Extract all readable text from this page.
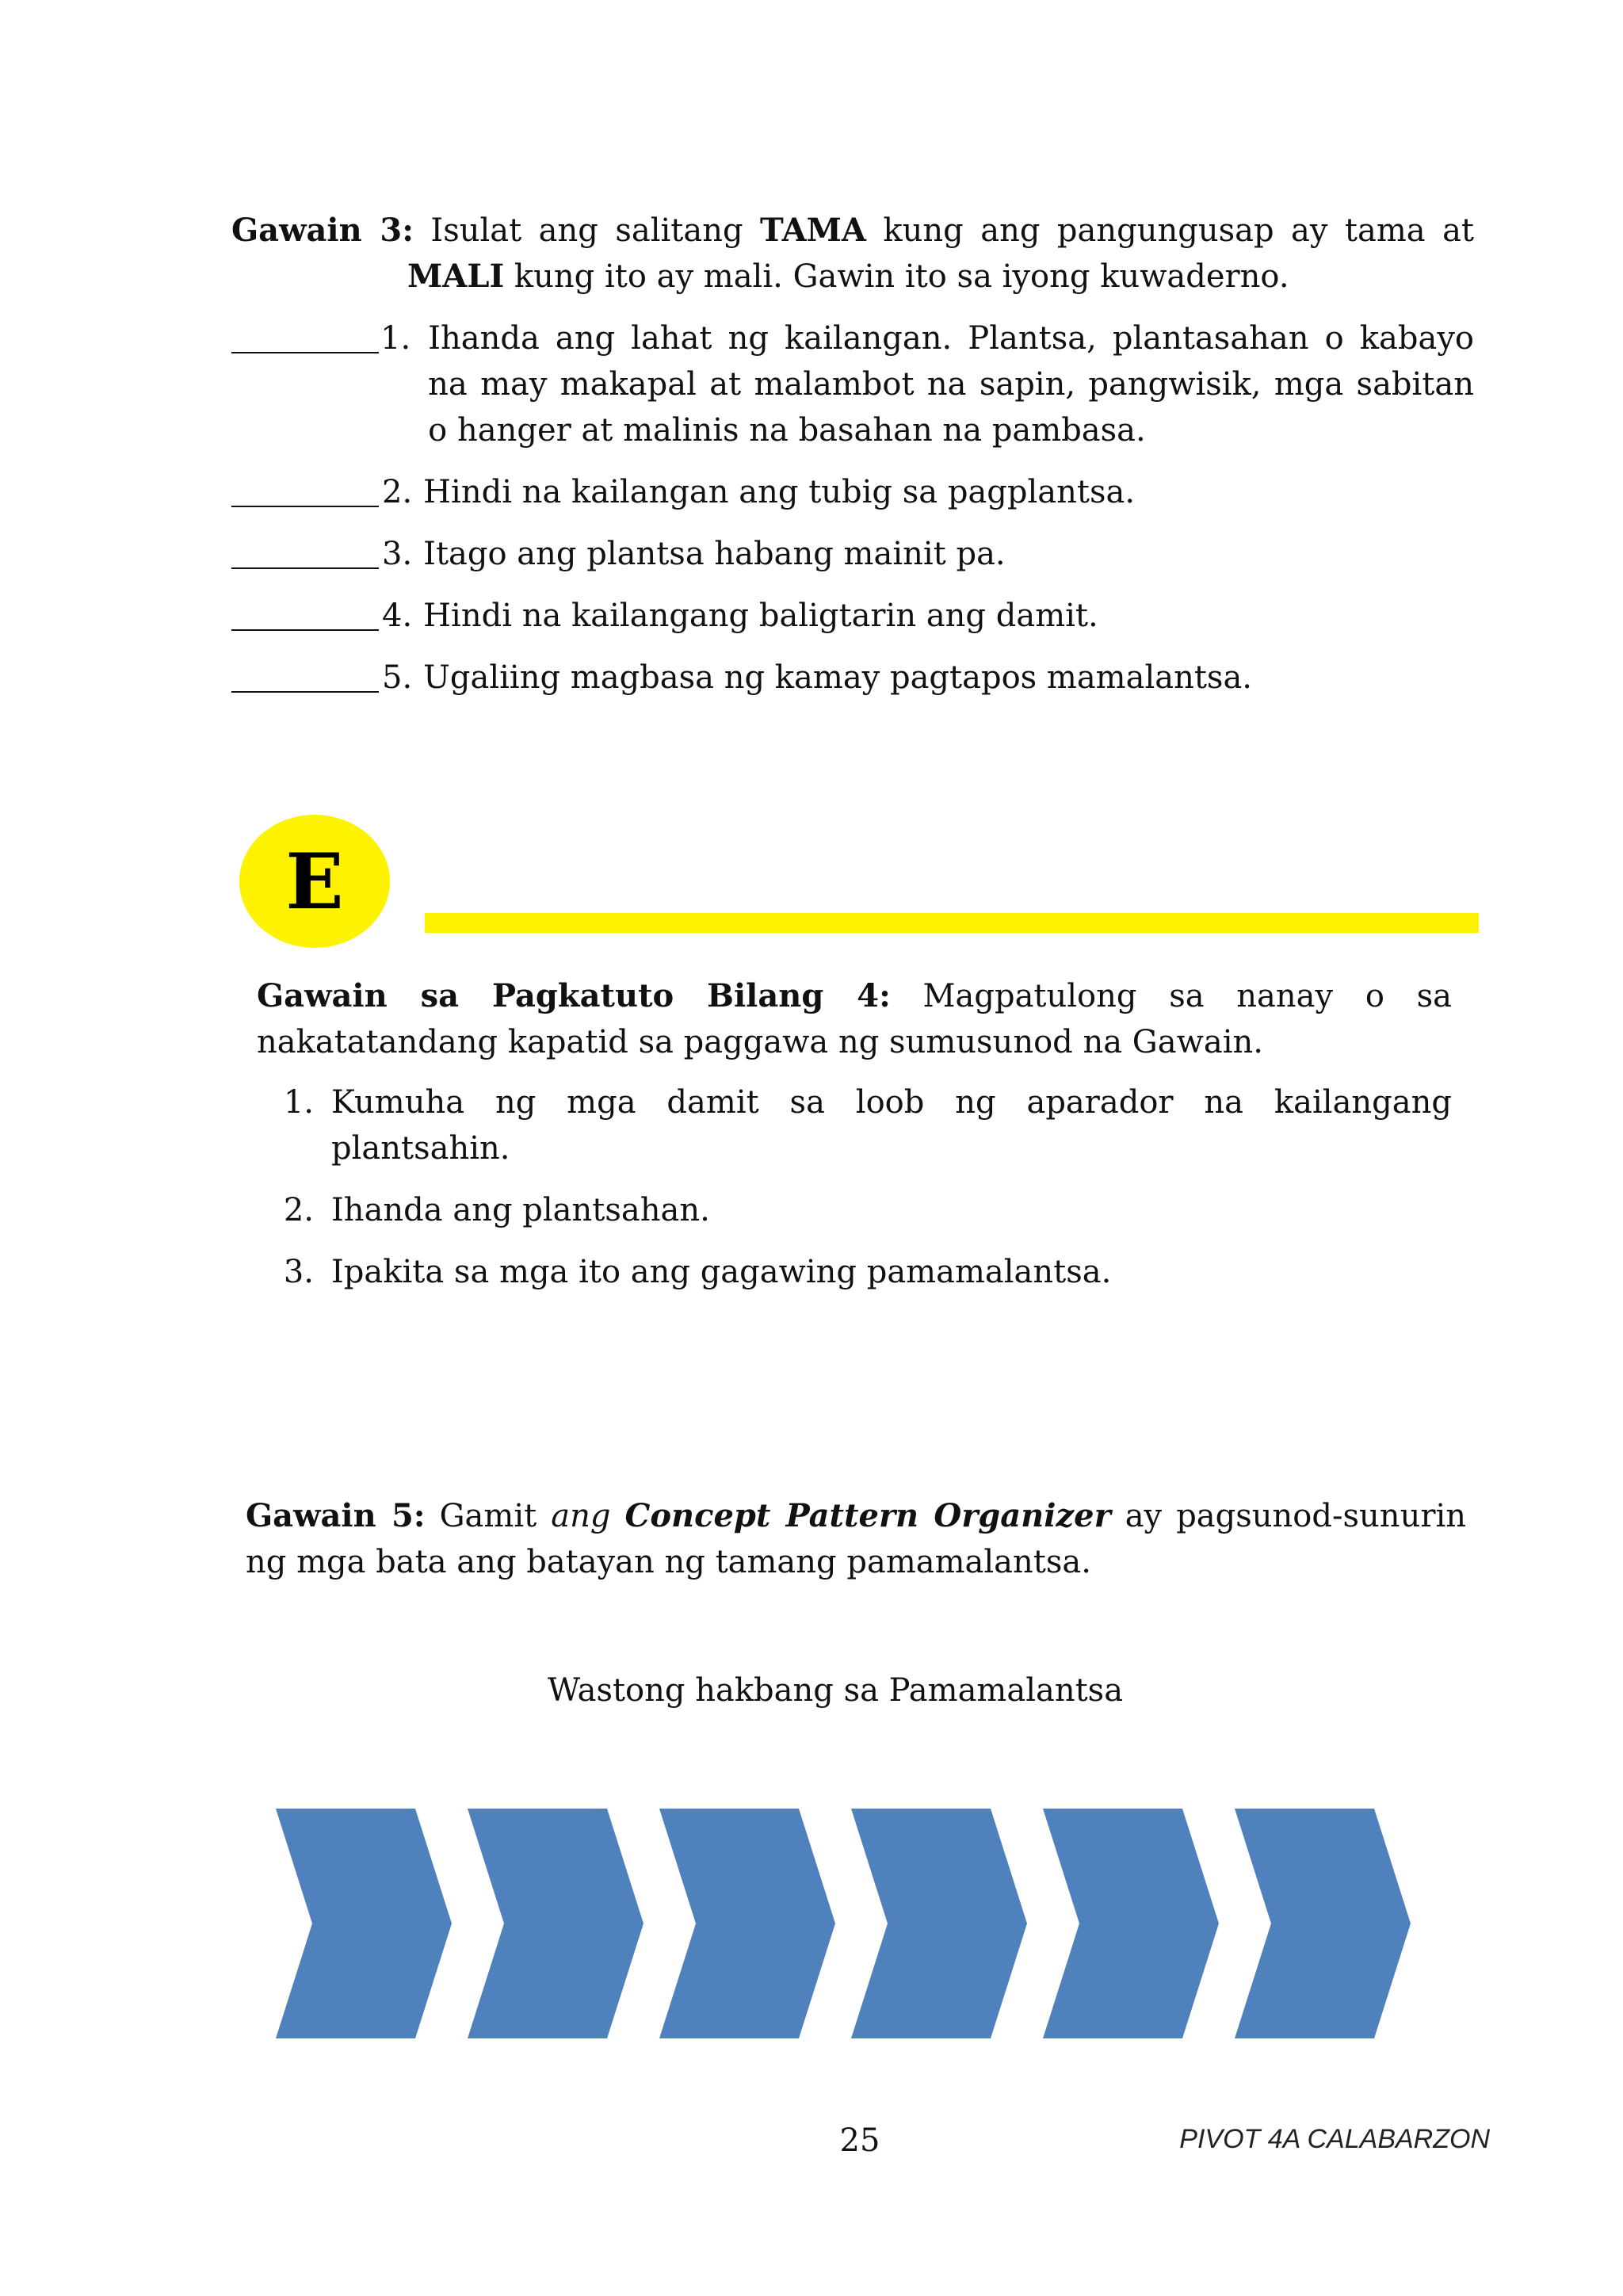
Gawain 3: Isulat ang salitang TAMA kung ang pangungusap ay tama at

MALI kung ito ay mali. Gawin ito sa iyong kuwaderno.

1. Ihanda ang lahat ng kailangan. Plantsa, plantasahan o kabayo na may makapal at malambot na sapin, pangwisik, mga sabitan o hanger at malinis na basahan na pambasa.
2. Hindi na kailangan ang tubig sa pagplantsa.
3. Itago ang plantsa habang mainit pa.
4. Hindi na kailangang baligtarin ang damit.
5. Ugaliing magbasa ng kamay pagtapos mamalantsa.
E

Gawain sa Pagkatuto Bilang 4: Magpatulong sa nanay o sa

nakatatandang kapatid sa paggawa ng sumusunod na Gawain.

1. Kumuha ng mga damit sa loob ng aparador na kailangang
plantsahin.
2. Ihanda ang plantsahan.
3. Ipakita sa mga ito ang gagawing pamamalantsa.

Gawain 5: Gamit ang Concept Pattern Organizer ay pagsunod-sunurin

ng mga bata ang batayan ng tamang pamamalantsa.

Wastong hakbang sa Pamamalantsa
25	PIVOT 4A CALABARZON
